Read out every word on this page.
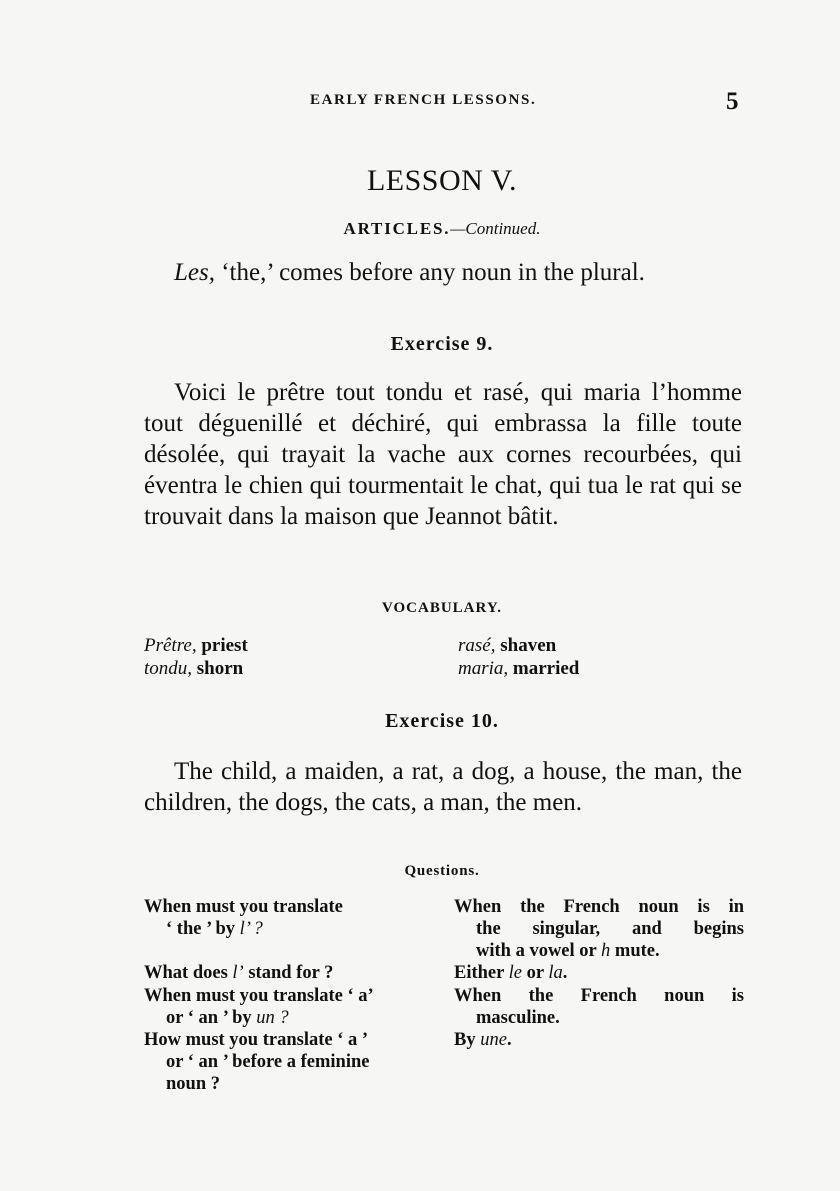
EARLY FRENCH LESSONS.	5
LESSON V.
ARTICLES.—Continued.

Les, ‘the,’ comes before any noun in the plural.

Exercise 9.

Voici le prêtre tout tondu et rasé, qui maria l’homme tout déguenillé et déchiré, qui embrassa la fille toute désolée, qui trayait la vache aux cornes recourbées, qui éventra le chien qui tourmentait le chat, qui tua le rat qui se trouvait dans la maison que Jeannot bâtit.

VOCABULARY.
Prêtre, priest
tondu, shorn
rasé, shaven
maria, married
Exercise 10.

The child, a maiden, a rat, a dog, a house, the man, the children, the dogs, the cats, a man, the men.

Questions.
When must you translate
‘ the ’ by l’ ?
When the French noun is in
the singular, and begins
with a vowel or h mute.
What does l’ stand for ?	Either le or la.
When must you translate ‘ a’
or ‘ an ’ by un ?
When the French noun is
masculine.
How must you translate ‘ a ’
or ‘ an ’ before a feminine
noun ?
By une.
